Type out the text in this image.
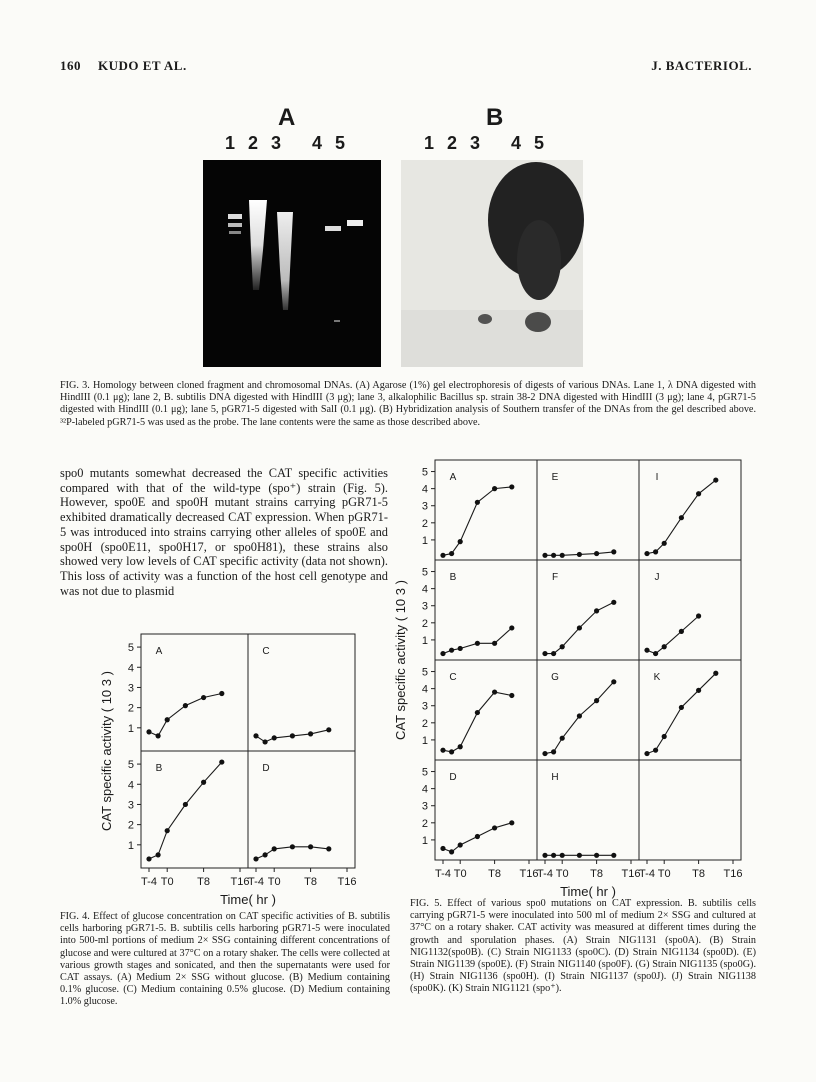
160 KUDO ET AL.	J. BACTERIOL.
A	B
1 2 3   4 5	1 2 3   4 5
FIG. 3. Homology between cloned fragment and chromosomal DNAs. (A) Agarose (1%) gel electrophoresis of digests of various DNAs. Lane 1, λ DNA digested with HindIII (0.1 μg); lane 2, B. subtilis DNA digested with HindIII (3 μg); lane 3, alkalophilic Bacillus sp. strain 38-2 DNA digested with HindIII (3 μg); lane 4, pGR71-5 digested with HindIII (0.1 μg); lane 5, pGR71-5 digested with SalI (0.1 μg). (B) Hybridization analysis of Southern transfer of the DNAs from the gel described above. ³²P-labeled pGR71-5 was used as the probe. The lane contents were the same as those described above.
spo0 mutants somewhat decreased the CAT specific activities compared with that of the wild-type (spo⁺) strain (Fig. 5). However, spo0E and spo0H mutant strains carrying pGR71-5 exhibited dramatically decreased CAT expression. When pGR71-5 was introduced into strains carrying other alleles of spo0E and spo0H (spo0E11, spo0H17, or spo0H81), these strains also showed very low levels of CAT specific activity (data not shown). This loss of activity was a function of the host cell genotype and was not due to plasmid
A
1
2
3
4
5	C
B
1
2
3
4
5
T-4 T0 T8 T16
D
T-4 T0 T8 T16
CAT specific activity ( 10 3 )
Time( hr )
FIG. 4. Effect of glucose concentration on CAT specific activities of B. subtilis cells harboring pGR71-5. B. subtilis cells harboring pGR71-5 were inoculated into 500-ml portions of medium 2× SSG containing different concentrations of glucose and were cultured at 37°C on a rotary shaker. The cells were collected at various growth stages and sonicated, and then the supernatants were used for CAT assays. (A) Medium 2× SSG without glucose. (B) Medium containing 0.1% glucose. (C) Medium containing 0.5% glucose. (D) Medium containing 1.0% glucose.
A
1
2
3
4
5	E	I
B
1
2
3
4
5	F	J
C
1
2
3
4
5	G	K
D
1
2
3
4
5
T-4 T0 T8 T16
H
T-4 T0 T8 T16
T-4 T0 T8 T16
CAT specific activity ( 10 3 )
Time( hr )
FIG. 5. Effect of various spo0 mutations on CAT expression. B. subtilis cells carrying pGR71-5 were inoculated into 500 ml of medium 2× SSG and cultured at 37°C on a rotary shaker. CAT activity was measured at different times during the growth and sporulation phases. (A) Strain NIG1131 (spo0A). (B) Strain NIG1132(spo0B). (C) Strain NIG1133 (spo0C). (D) Strain NIG1134 (spo0D). (E) Strain NIG1139 (spo0E). (F) Strain NIG1140 (spo0F). (G) Strain NIG1135 (spo0G). (H) Strain NIG1136 (spo0H). (I) Strain NIG1137 (spo0J). (J) Strain NIG1138 (spo0K). (K) Strain NIG1121 (spo⁺).
